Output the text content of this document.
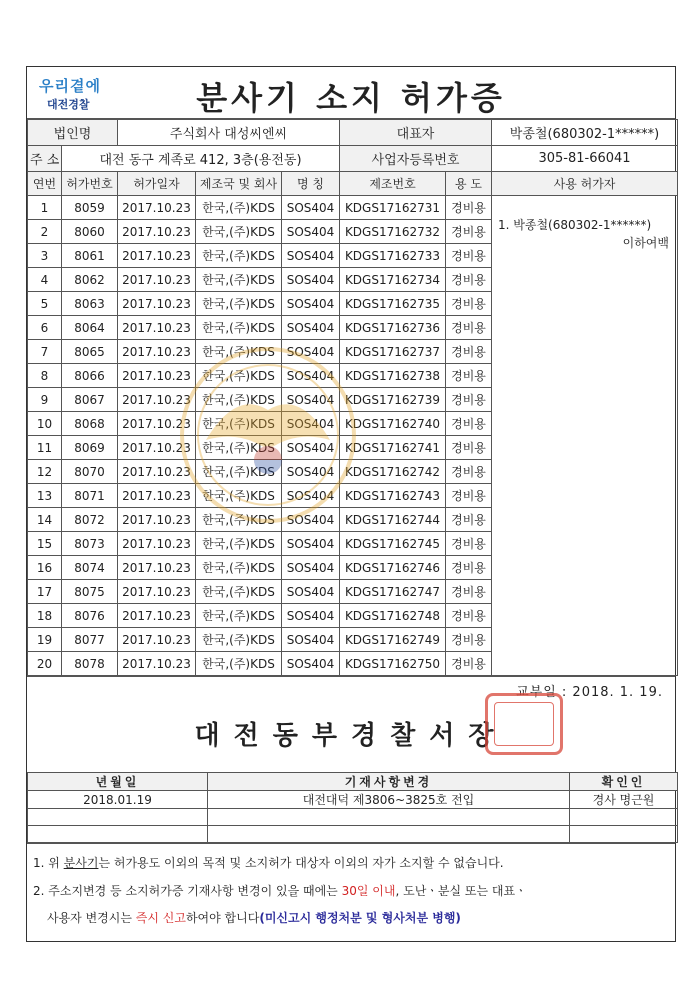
우리곁에
대전경찰	분사기 소지 허가증
법인명		주식회사 대성씨엔씨			대표자		박종철(680302-1******)
주 소	대전 동구 계족로 412, 3층(용전동)				사업자등록번호		305-81-66041
연번	허가번호	허가일자	제조국 및 회사	명 칭	제조번호	용 도	사용 허가자
1	8059	2017.10.23	한국,(주)KDS	SOS404	KDGS17162731	경비용	1. 박종철(680302-1******)
이하여백

2	8060	2017.10.23	한국,(주)KDS	SOS404	KDGS17162732	경비용	
3	8061	2017.10.23	한국,(주)KDS	SOS404	KDGS17162733	경비용	
4	8062	2017.10.23	한국,(주)KDS	SOS404	KDGS17162734	경비용	
5	8063	2017.10.23	한국,(주)KDS	SOS404	KDGS17162735	경비용	
6	8064	2017.10.23	한국,(주)KDS	SOS404	KDGS17162736	경비용	
7	8065	2017.10.23	한국,(주)KDS	SOS404	KDGS17162737	경비용	
8	8066	2017.10.23	한국,(주)KDS	SOS404	KDGS17162738	경비용	
9	8067	2017.10.23	한국,(주)KDS	SOS404	KDGS17162739	경비용	
10	8068	2017.10.23	한국,(주)KDS	SOS404	KDGS17162740	경비용	
11	8069	2017.10.23	한국,(주)KDS	SOS404	KDGS17162741	경비용	
12	8070	2017.10.23	한국,(주)KDS	SOS404	KDGS17162742	경비용	
13	8071	2017.10.23	한국,(주)KDS	SOS404	KDGS17162743	경비용	
14	8072	2017.10.23	한국,(주)KDS	SOS404	KDGS17162744	경비용	
15	8073	2017.10.23	한국,(주)KDS	SOS404	KDGS17162745	경비용	
16	8074	2017.10.23	한국,(주)KDS	SOS404	KDGS17162746	경비용	
17	8075	2017.10.23	한국,(주)KDS	SOS404	KDGS17162747	경비용	
18	8076	2017.10.23	한국,(주)KDS	SOS404	KDGS17162748	경비용	
19	8077	2017.10.23	한국,(주)KDS	SOS404	KDGS17162749	경비용	
20	8078	2017.10.23	한국,(주)KDS	SOS404	KDGS17162750	경비용	
교부일 : 2018. 1. 19.
대전동부경찰서장
년월일	기재사항변경	확인인
2018.01.19	대전대덕 제3806~3825호 전입	경사 명근원

1. 위 분사기는 허가용도 이외의 목적 및 소지허가 대상자 이외의 자가 소지할 수 없습니다.
2. 주소지변경 등 소지허가증 기재사항 변경이 있을 때에는 30일 이내, 도난ㆍ분실 또는 대표ㆍ
사용자 변경시는 즉시 신고하여야 합니다(미신고시 행정처분 및 형사처분 병행)
